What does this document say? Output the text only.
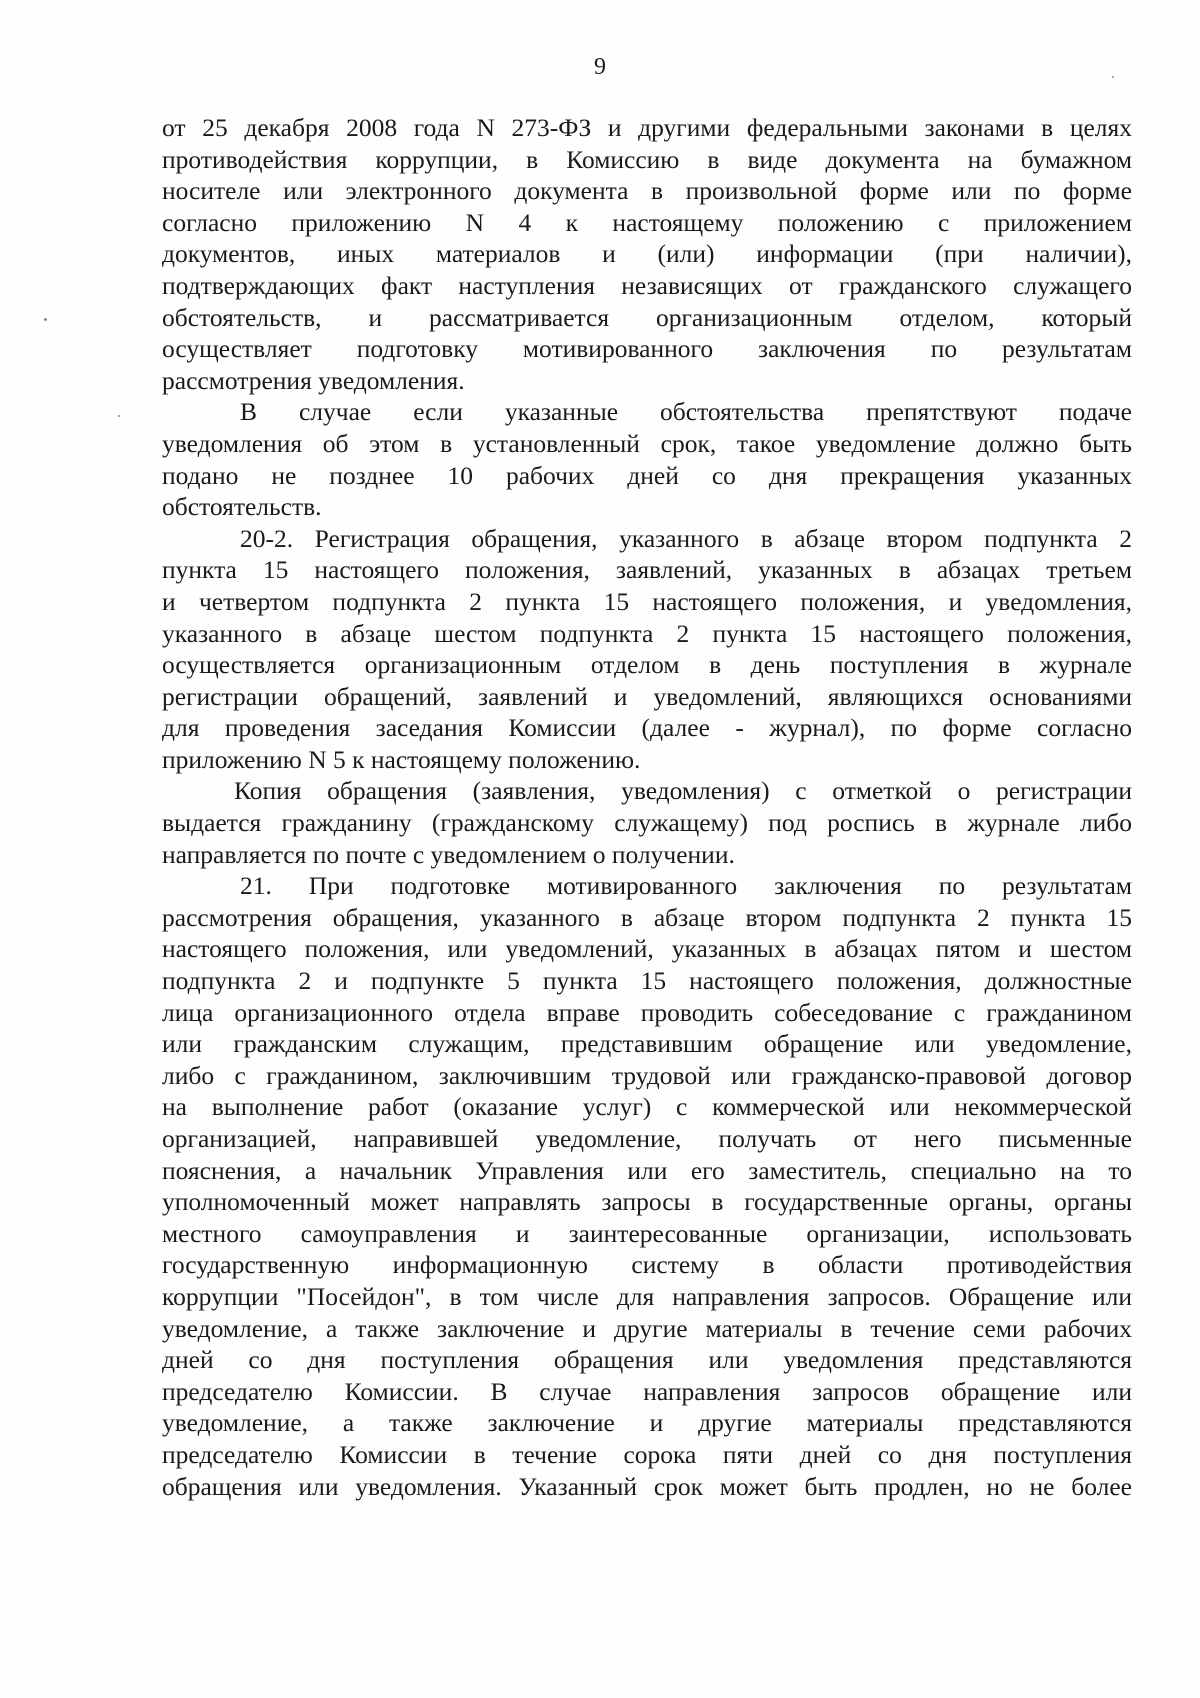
9
от 25 декабря 2008 года N 273-ФЗ и другими федеральными законами в целях
противодействия коррупции, в Комиссию в виде документа на бумажном
носителе или электронного документа в произвольной форме или по форме
согласно приложению N 4 к настоящему положению с приложением
документов, иных материалов и (или) информации (при наличии),
подтверждающих факт наступления независящих от гражданского служащего
обстоятельств, и рассматривается организационным отделом, который
осуществляет подготовку мотивированного заключения по результатам
рассмотрения уведомления.
В случае если указанные обстоятельства препятствуют подаче
уведомления об этом в установленный срок, такое уведомление должно быть
подано не позднее 10 рабочих дней со дня прекращения указанных
обстоятельств.
20-2. Регистрация обращения, указанного в абзаце втором подпункта 2
пункта 15 настоящего положения, заявлений, указанных в абзацах третьем
и четвертом подпункта 2 пункта 15 настоящего положения, и уведомления,
указанного в абзаце шестом подпункта 2 пункта 15 настоящего положения,
осуществляется организационным отделом в день поступления в журнале
регистрации обращений, заявлений и уведомлений, являющихся основаниями
для проведения заседания Комиссии (далее - журнал), по форме согласно
приложению N 5 к настоящему положению.
Копия обращения (заявления, уведомления) с отметкой о регистрации
выдается гражданину (гражданскому служащему) под роспись в журнале либо
направляется по почте с уведомлением о получении.
21. При подготовке мотивированного заключения по результатам
рассмотрения обращения, указанного в абзаце втором подпункта 2 пункта 15
настоящего положения, или уведомлений, указанных в абзацах пятом и шестом
подпункта 2 и подпункте 5 пункта 15 настоящего положения, должностные
лица организационного отдела вправе проводить собеседование с гражданином
или гражданским служащим, представившим обращение или уведомление,
либо с гражданином, заключившим трудовой или гражданско-правовой договор
на выполнение работ (оказание услуг) с коммерческой или некоммерческой
организацией, направившей уведомление, получать от него письменные
пояснения, а начальник Управления или его заместитель, специально на то
уполномоченный может направлять запросы в государственные органы, органы
местного самоуправления и заинтересованные организации, использовать
государственную информационную систему в области противодействия
коррупции "Посейдон", в том числе для направления запросов. Обращение или
уведомление, а также заключение и другие материалы в течение семи рабочих
дней со дня поступления обращения или уведомления представляются
председателю Комиссии. В случае направления запросов обращение или
уведомление, а также заключение и другие материалы представляются
председателю Комиссии в течение сорока пяти дней со дня поступления
обращения или уведомления. Указанный срок может быть продлен, но не более
